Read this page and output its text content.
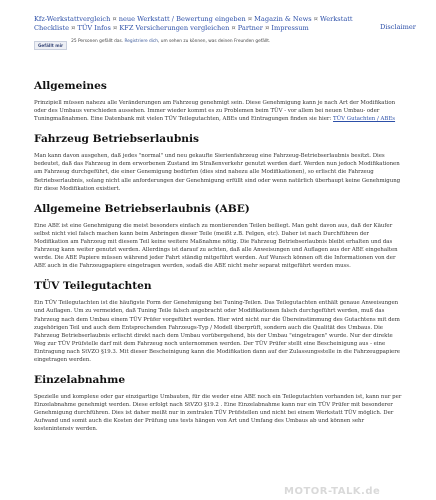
Kfz-Werkstattvergleich ¤ neue Werkstatt / Bewertung eingeben ¤ Magazin & News ¤ Werkstatt Checkliste ¤ TÜV Infos ¤ KFZ Versicherungen vergleichen ¤ Partner ¤ Impressum	Disclaimer
Gefällt mir
25 Personen gefällt das. Registriere dich, um sehen zu können, was deinen Freunden gefällt.
Allgemeines

Prinzipiell müssen nahezu alle Veränderungen am Fahrzeug genehmigt sein. Diese Genehmigung kann je nach Art der Modifikation oder des Umbaus verschieden aussehen. Immer wieder kommt es zu Problemen beim TÜV - vor allem bei neuen Umbau- oder Tuningmaßnahmen. Eine Datenbank mit vielen TÜV Teilegutachten, ABEs und Eintragungen finden sie hier: TÜV Gutachten / ABEs

Fahrzeug Betriebserlaubnis

Man kann davon ausgehen, daß jedes "normal" und neu gekaufte Sierienfahrzeug eine Fahrzeug-Betriebserlaubnis besitzt. Dies bedeutet, daß das Fahrzeug in dem erworbenen Zustand im Straßenverkehr genutzt werden darf. Werden nun jedoch Modifikationen am Fahrzeug durchgeführt, die einer Genemigung bedürfen (dies sind nahezu alle Modifikationen), so erlischt die Fahrzeug Betriebserlaubnis, solang nicht alle anforderungen der Genehmigung erfüllt sind oder wenn natürlich überhaupt keine Genehmigung für diese Modifikation existiert.

Allgemeine Betriebserlaubnis (ABE)

Eine ABE ist eine Genehmigung die meist besonders einfach zu montierenden Teilen beiliegt. Man geht davon aus, daß der Käufer selbst nicht viel falsch machen kann beim Anbringen dieser Teile (meißt z.B. Felgen, etc). Daher ist nach Durchführen der Modifikation am Fahrzeug mit diesem Teil keine weitere Maßnahme nötig. Die Fahrzeug Betriebserlaubnis bleibt erhalten und das Fahrzeug kann weiter genutzt werden. Allerdings ist darauf zu achten, daß alle Anweisungen und Auflagen aus der ABE eingehalten werde. Die ABE Papiere müssen während jeder Fahrt ständig mitgeführt werden. Auf Wunsch können oft die Informationen von der ABE auch in die Fahrzeugpapiere eingetragen werden, sodaß die ABE nicht mehr separat mitgeführt werden muss.

TÜV Teilegutachten

Ein TÜV Teilegutachten ist die häufigste Form der Genehmigung bei Tuning-Teilen. Das Teilegutachten enthält genaue Anweisungen und Auflagen. Um zu vermeiden, daß Tuning Teile falsch angebracht oder Modifikationen falsch durchgeführt werden, muß das Fahrzeug nach dem Umbau einem TÜV Prüfer vorgeführt werden. Hier wird nicht nur die Übereinstimmung des Gutachtens mit dem zugehörigen Teil und auch dem Entsprechenden Fahrzeugs-Typ / Modell überprüft, sondern auch die Qualität des Umbaus. Die Fahrzeug Betriebserlaubnis erlischt direkt nach dem Umbau vorübergehend, bis der Umbau "eingetragen" wurde. Nur der direkte Weg zur TÜV Prüfstelle darf mit dem Fahrzeug noch unternommen werden. Der TÜV Prüfer stellt eine Bescheinigung aus - eine Eintragung nach StVZO §19.3. Mit dieser Bescheinigung kann die Modifikation dann auf der Zulassungsstelle in die Fahrzeugpapiere eingetragen werden.

Einzelabnahme

Spezielle und komplexe oder gar einzigartige Umbauten, für die weder eine ABE noch ein Teilegutachten vorhanden ist, kann nur per Einzelabnahme genehmigt werden. Diese erfolgt nach StVZO §19.2 . Eine Einzelabnahme kann nur ein TÜV Prüfer mit besonderer Genehmigung durchführen. Dies ist daher meißt nur in zentralen TÜV Prüfstellen und nicht bei einem Werkstatt TÜV möglich. Der Aufwand und somit auch die Kosten der Prüfung uns tests hängen von Art und Umfang des Umbaus ab und können sehr kostenintensiv werden.

MOTOR-TALK.de
